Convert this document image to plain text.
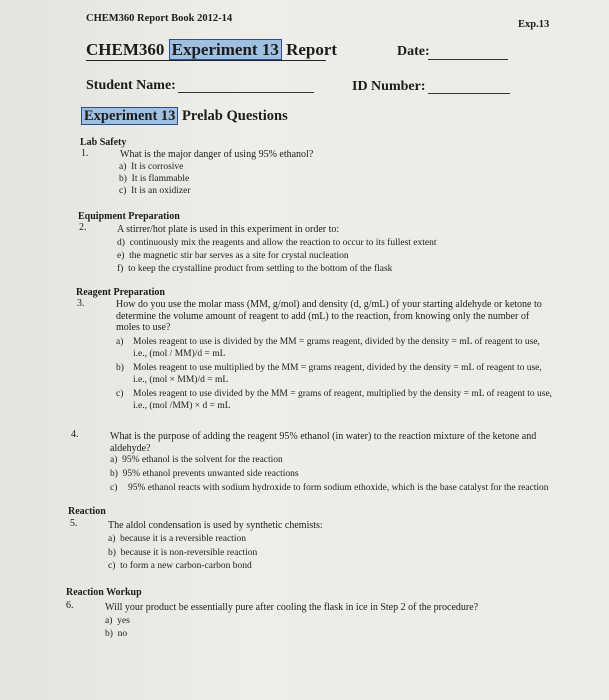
CHEM360 Report Book 2012-14
Exp.13
CHEM360 Experiment 13 Report	Date:
Student Name:	ID Number:
Experiment 13 Prelab Questions
Lab Safety
1.	What is the major danger of using 95% ethanol?
a) It is corrosive
b) It is flammable
c) It is an oxidizer
Equipment Preparation
2.	A stirrer/hot plate is used in this experiment in order to:
d) continuously mix the reagents and allow the reaction to occur to its fullest extent
e) the magnetic stir bar serves as a site for crystal nucleation
f) to keep the crystalline product from settling to the bottom of the flask
Reagent Preparation
3.	How do you use the molar mass (MM, g/mol) and density (d, g/mL) of your starting aldehyde or ketone to determine the volume amount of reagent to add (mL) to the reaction, from knowing only the number of moles to use?
a) Moles reagent to use is divided by the MM = grams reagent, divided by the density = mL of reagent to use, i.e., (mol / MM)/d = mL
b) Moles reagent to use multiplied by the MM = grams reagent, divided by the density = mL of reagent to use, i.e., (mol × MM)/d = mL
c) Moles reagent to use divided by the MM = grams of reagent, multiplied by the density = mL of reagent to use, i.e., (mol /MM) × d = mL
4.	What is the purpose of adding the reagent 95% ethanol (in water) to the reaction mixture of the ketone and aldehyde?
a) 95% ethanol is the solvent for the reaction
b) 95% ethanol prevents unwanted side reactions
c) 95% ethanol reacts with sodium hydroxide to form sodium ethoxide, which is the base catalyst for the reaction
Reaction
5.	The aldol condensation is used by synthetic chemists:
a) because it is a reversible reaction
b) because it is non-reversible reaction
c) to form a new carbon-carbon bond
Reaction Workup
6.	Will your product be essentially pure after cooling the flask in ice in Step 2 of the procedure?
a) yes
b) no
